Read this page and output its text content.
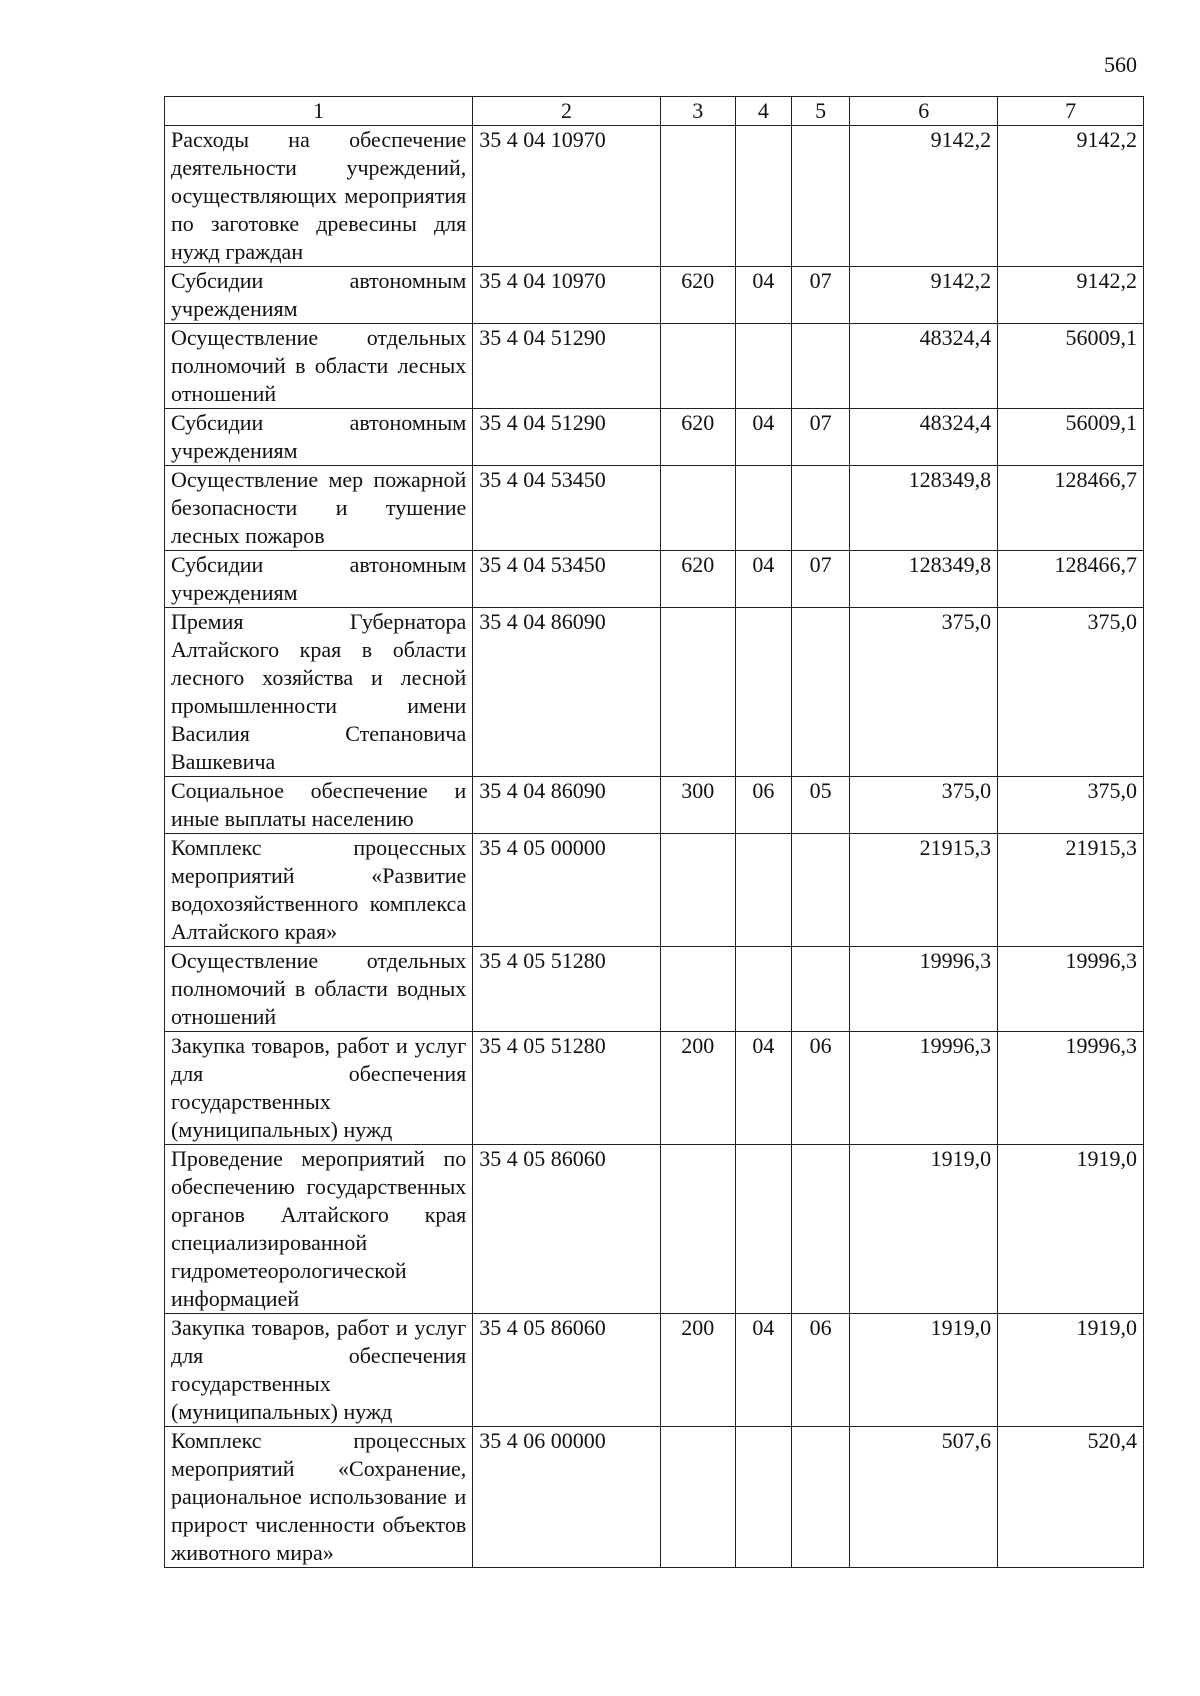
560
1	2	3	4	5	6	7
Расходы на обеспечение деятельности учреждений, осуществляющих мероприятия по заготовке древесины для нужд граждан	35 4 04 10970				9142,2	9142,2
Субсидии автономным учреждениям	35 4 04 10970	620	04	07	9142,2	9142,2
Осуществление отдельных полномочий в области лесных отношений	35 4 04 51290				48324,4	56009,1
Субсидии автономным учреждениям	35 4 04 51290	620	04	07	48324,4	56009,1
Осуществление мер пожарной безопасности и тушение лесных пожаров	35 4 04 53450				128349,8	128466,7
Субсидии автономным учреждениям	35 4 04 53450	620	04	07	128349,8	128466,7
Премия Губернатора Алтайского края в области лесного хозяйства и лесной промышленности имени Василия Степановича Вашкевича	35 4 04 86090				375,0	375,0
Социальное обеспечение и иные выплаты населению	35 4 04 86090	300	06	05	375,0	375,0
Комплекс процессных мероприятий «Развитие водохозяйственного комплекса Алтайского края»	35 4 05 00000				21915,3	21915,3
Осуществление отдельных полномочий в области водных отношений	35 4 05 51280				19996,3	19996,3
Закупка товаров, работ и услуг для обеспечения государственных (муниципальных) нужд	35 4 05 51280	200	04	06	19996,3	19996,3
Проведение мероприятий по обеспечению государственных органов Алтайского края специализированной гидрометеорологической информацией	35 4 05 86060				1919,0	1919,0
Закупка товаров, работ и услуг для обеспечения государственных (муниципальных) нужд	35 4 05 86060	200	04	06	1919,0	1919,0
Комплекс процессных мероприятий «Сохранение, рациональное использование и прирост численности объектов животного мира»	35 4 06 00000				507,6	520,4
